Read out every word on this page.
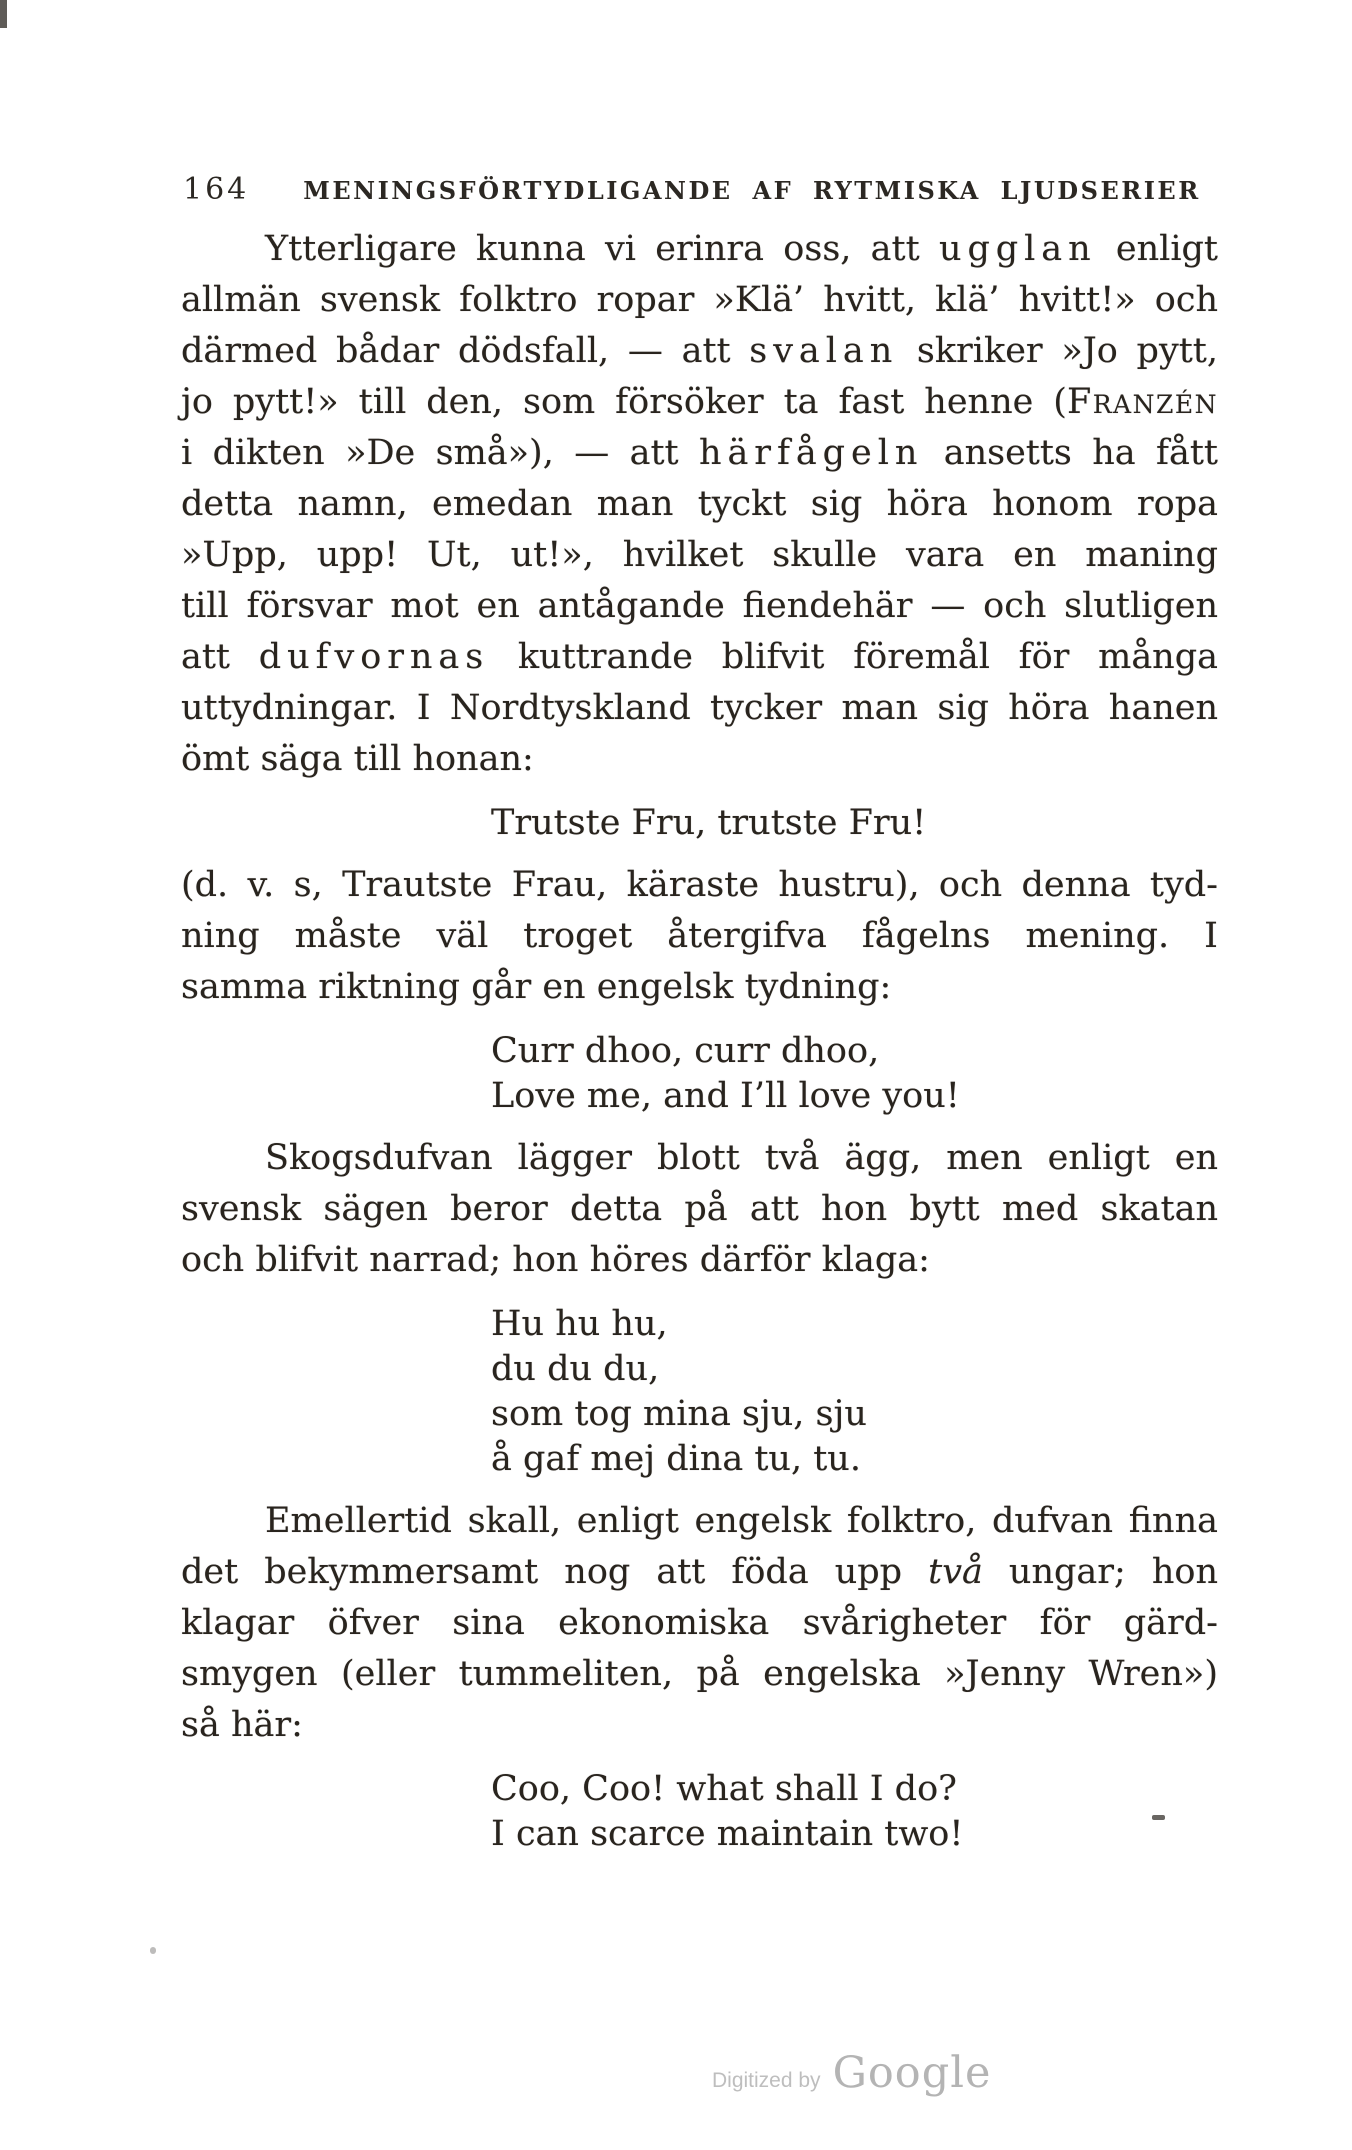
164 MENINGSFÖRTYDLIGANDE AF RYTMISKA LJUDSERIER
Ytterligare kunna vi erinra oss, att ugglan enligt
allmän svensk folktro ropar »Klä’ hvitt, klä’ hvitt!» och
därmed bådar dödsfall, — att svalan skriker »Jo pytt,
jo pytt!» till den, som försöker ta fast henne (Franzén
i dikten »De små»), — att härfågeln ansetts ha fått
detta namn, emedan man tyckt sig höra honom ropa
»Upp, upp! Ut, ut!», hvilket skulle vara en maning
till försvar mot en antågande fiendehär — och slutligen
att dufvornas kuttrande blifvit föremål för många
uttydningar. I Nordtyskland tycker man sig höra hanen
ömt säga till honan:
Trutste Fru, trutste Fru!
(d. v. s, Trautste Frau, käraste hustru), och denna tyd-
ning måste väl troget återgifva fågelns mening. I
samma riktning går en engelsk tydning:
Curr dhoo, curr dhoo,
Love me, and I’ll love you!
Skogsdufvan lägger blott två ägg, men enligt en
svensk sägen beror detta på att hon bytt med skatan
och blifvit narrad; hon höres därför klaga:
Hu hu hu,
du du du,
som tog mina sju, sju
å gaf mej dina tu, tu.
Emellertid skall, enligt engelsk folktro, dufvan finna
det bekymmersamt nog att föda upp två ungar; hon
klagar öfver sina ekonomiska svårigheter för gärd-
smygen (eller tummeliten, på engelska »Jenny Wren»)
så här:
Coo, Coo! what shall I do?
I can scarce maintain two!
Digitized by Google
